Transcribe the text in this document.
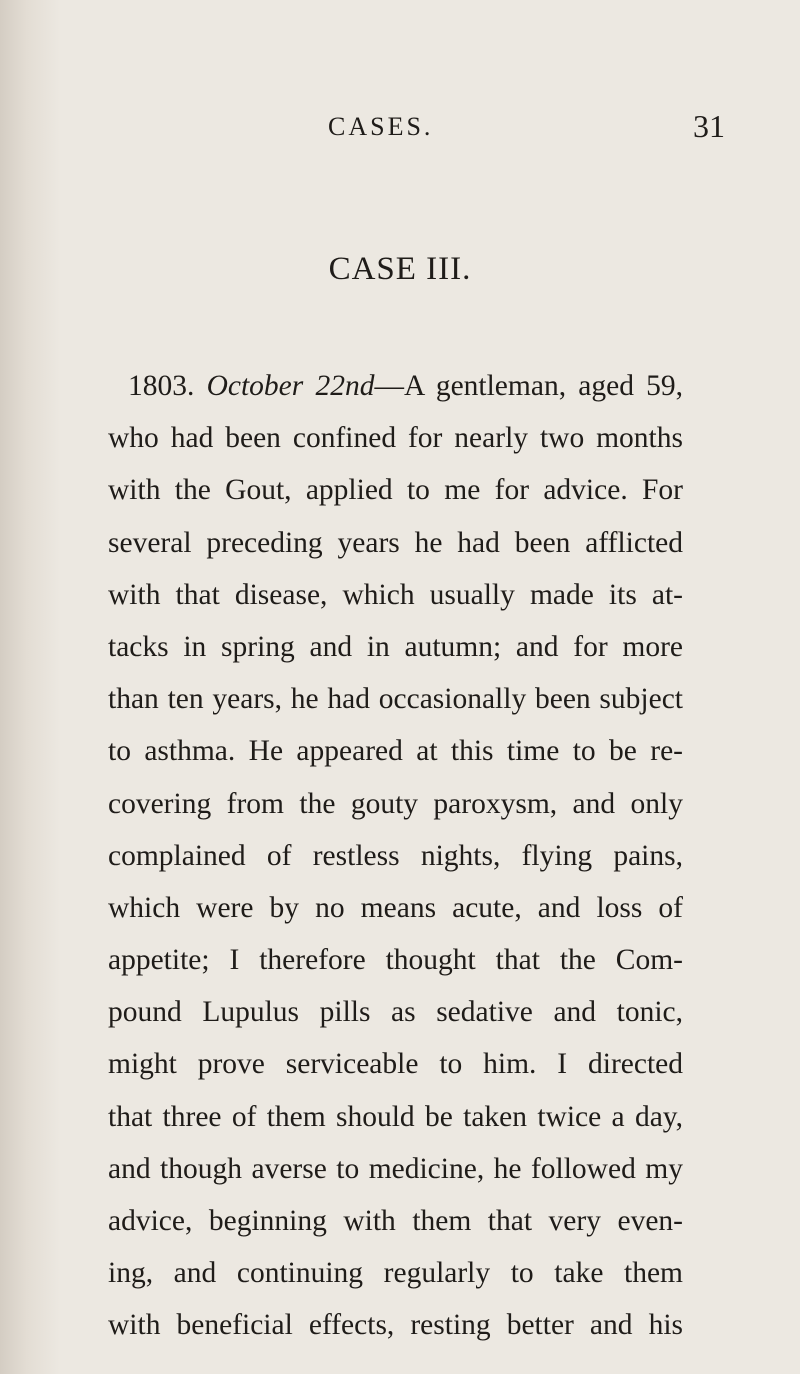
CASES.	31
CASE III.
1803. October 22nd—A gentleman, aged 59,
who had been confined for nearly two months
with the Gout, applied to me for advice. For
several preceding years he had been afflicted
with that disease, which usually made its at-
tacks in spring and in autumn; and for more
than ten years, he had occasionally been subject
to asthma. He appeared at this time to be re-
covering from the gouty paroxysm, and only
complained of restless nights, flying pains,
which were by no means acute, and loss of
appetite; I therefore thought that the Com-
pound Lupulus pills as sedative and tonic,
might prove serviceable to him. I directed
that three of them should be taken twice a day,
and though averse to medicine, he followed my
advice, beginning with them that very even-
ing, and continuing regularly to take them
with beneficial effects, resting better and his
